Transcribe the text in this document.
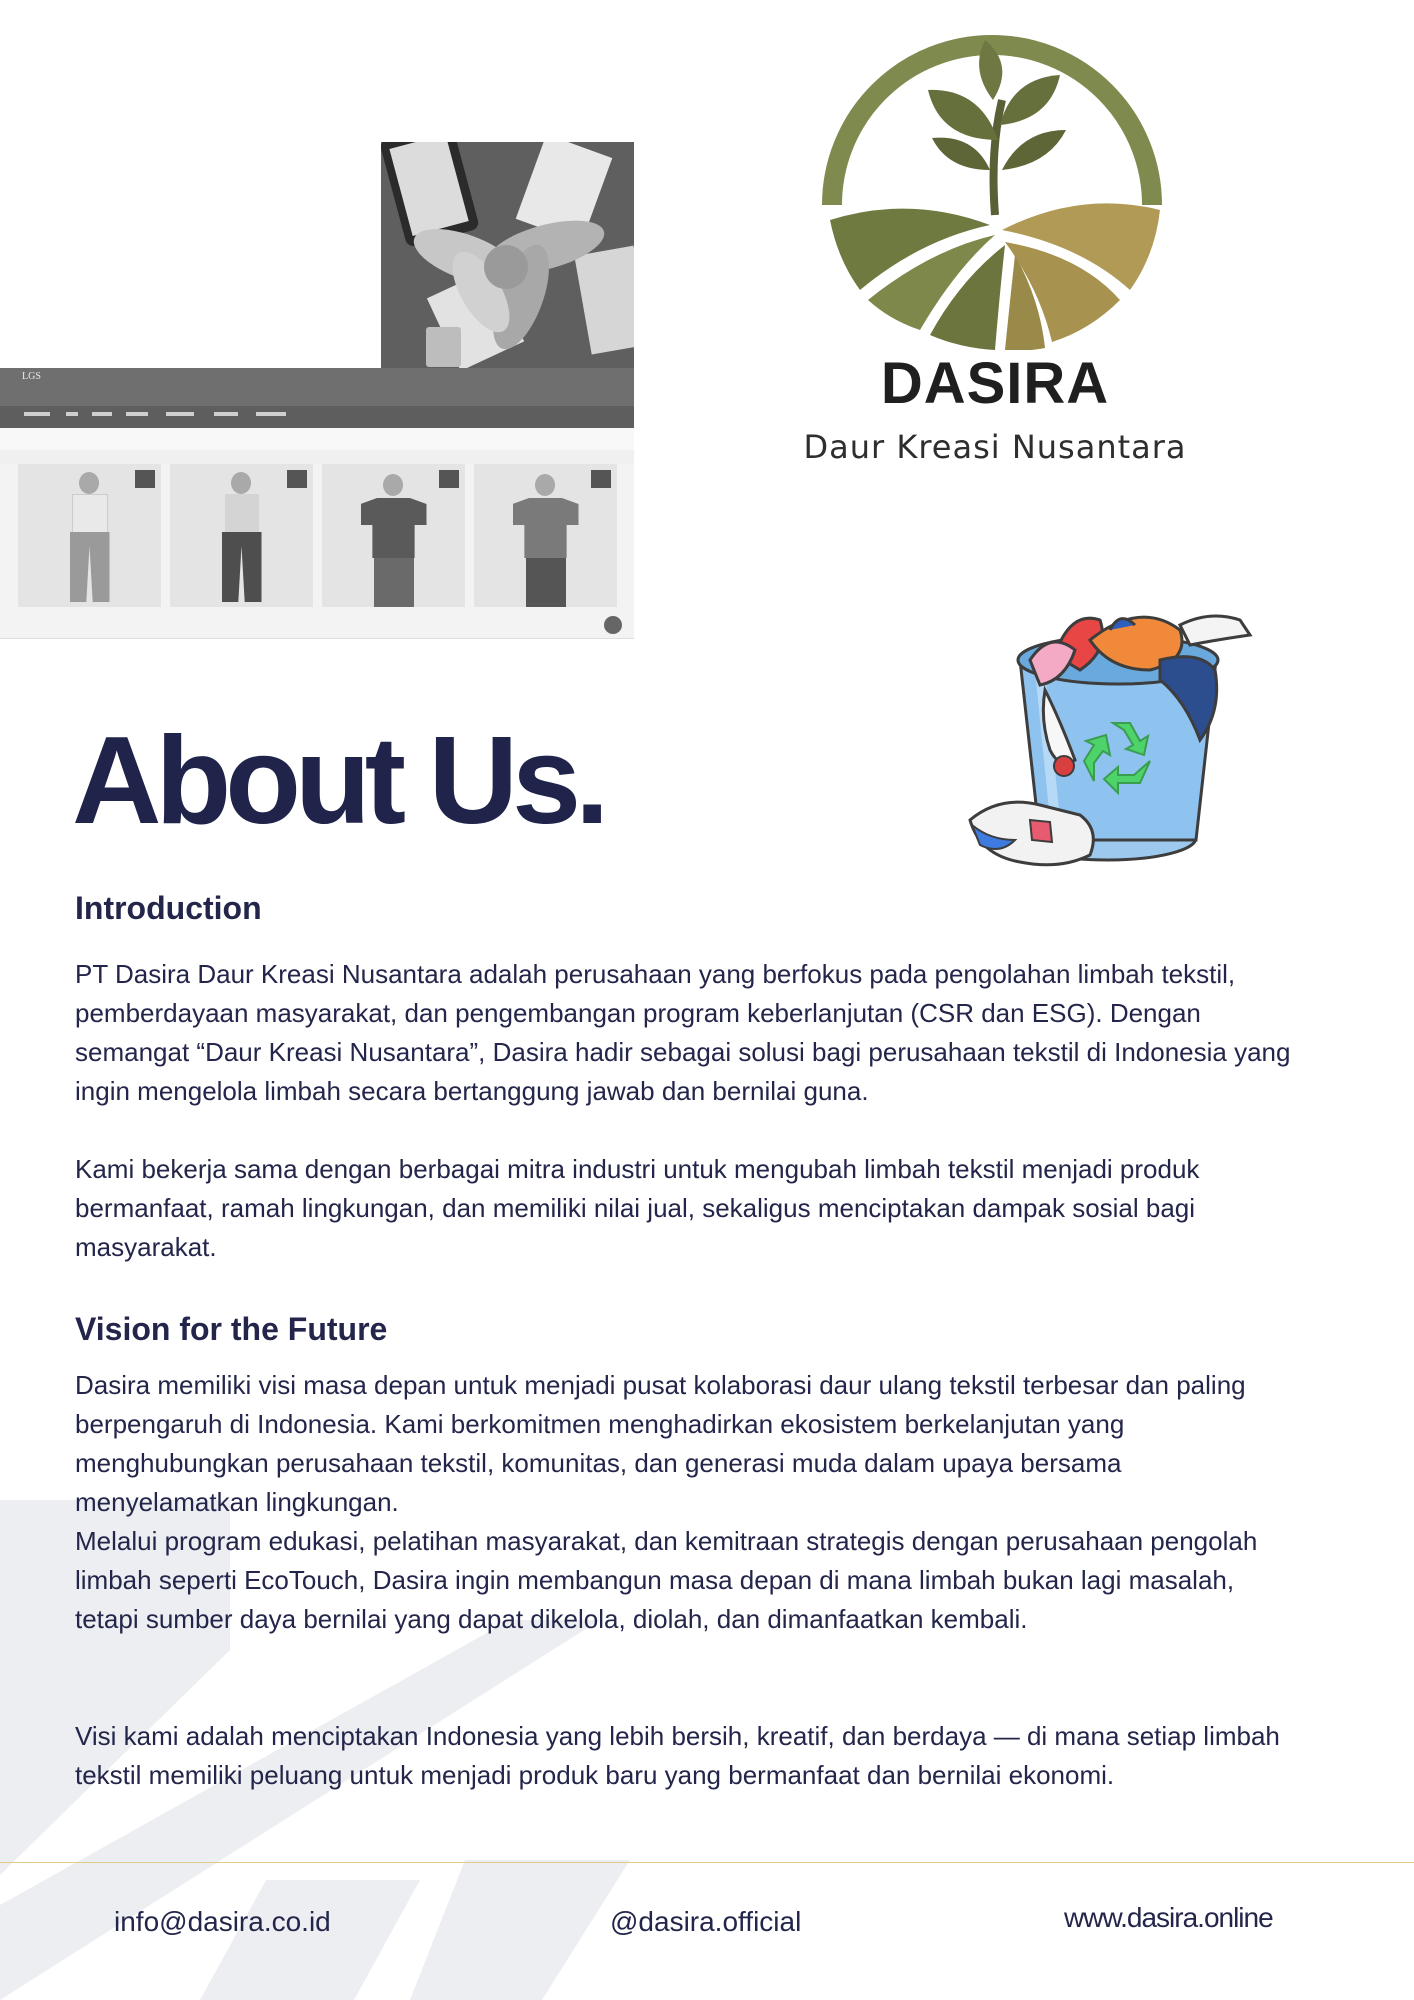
LGS	DASIRA
Daur Kreasi Nusantara
About Us.
Introduction

PT Dasira Daur Kreasi Nusantara adalah perusahaan yang berfokus pada pengolahan limbah tekstil, pemberdayaan masyarakat, dan pengembangan program keberlanjutan (CSR dan ESG). Dengan semangat “Daur Kreasi Nusantara”, Dasira hadir sebagai solusi bagi perusahaan tekstil di Indonesia yang ingin mengelola limbah secara bertanggung jawab dan bernilai guna.

Kami bekerja sama dengan berbagai mitra industri untuk mengubah limbah tekstil menjadi produk bermanfaat, ramah lingkungan, dan memiliki nilai jual, sekaligus menciptakan dampak sosial bagi masyarakat.

Vision for the Future

Dasira memiliki visi masa depan untuk menjadi pusat kolaborasi daur ulang tekstil terbesar dan paling berpengaruh di Indonesia. Kami berkomitmen menghadirkan ekosistem berkelanjutan yang menghubungkan perusahaan tekstil, komunitas, dan generasi muda dalam upaya bersama menyelamatkan lingkungan.

Melalui program edukasi, pelatihan masyarakat, dan kemitraan strategis dengan perusahaan pengolah limbah seperti EcoTouch, Dasira ingin membangun masa depan di mana limbah bukan lagi masalah, tetapi sumber daya bernilai yang dapat dikelola, diolah, dan dimanfaatkan kembali.

Visi kami adalah menciptakan Indonesia yang lebih bersih, kreatif, dan berdaya — di mana setiap limbah tekstil memiliki peluang untuk menjadi produk baru yang bermanfaat dan bernilai ekonomi.

info@dasira.co.id	@dasira.official	www.dasira.online
